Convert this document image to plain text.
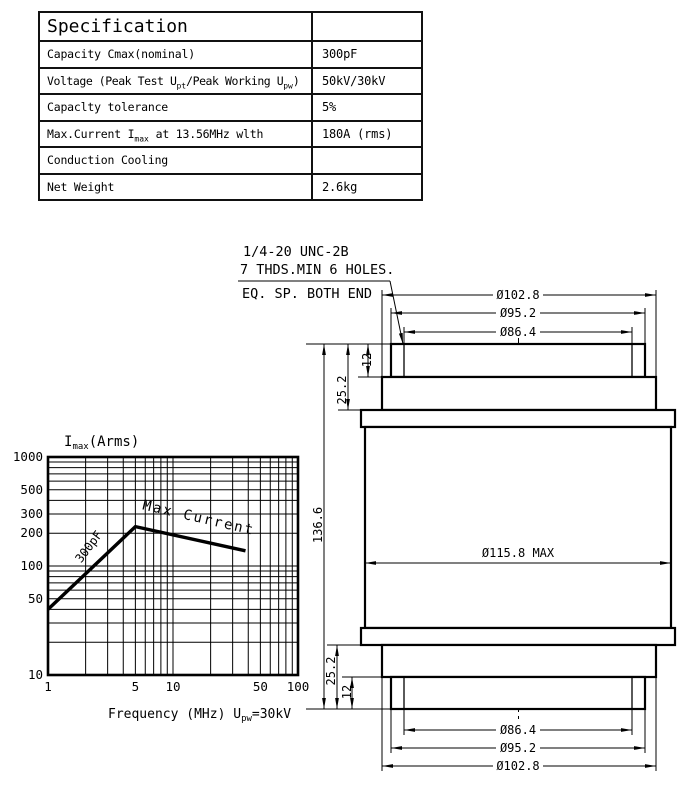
Specification	
Capacity Cmax(nominal)	300pF
Voltage (Peak Test $U_{pt}$/Peak Working $U_{pw}$)	50kV/30kV
Capaclty tolerance	5%
Max.Current $I_{max}$ at 13.56MHz wlth	180A (rms)
Conduction Cooling	
Net Weight	2.6kg
1	5 10	50 100
1000
500
300
200
100
50
10
300pF
Max Current
$I_{max}(Arms)$
Frequency (MHz) $U_{pw}=30kV$
1/4-20 UNC-2B
7 THDS.MIN 6 HOLES.
EQ. SP. BOTH END	Ø102.8
Ø95.2
Ø86.4
136.6
25.2
12
Ø115.8 MAX
25.2
12
Ø86.4
Ø95.2
Ø102.8
